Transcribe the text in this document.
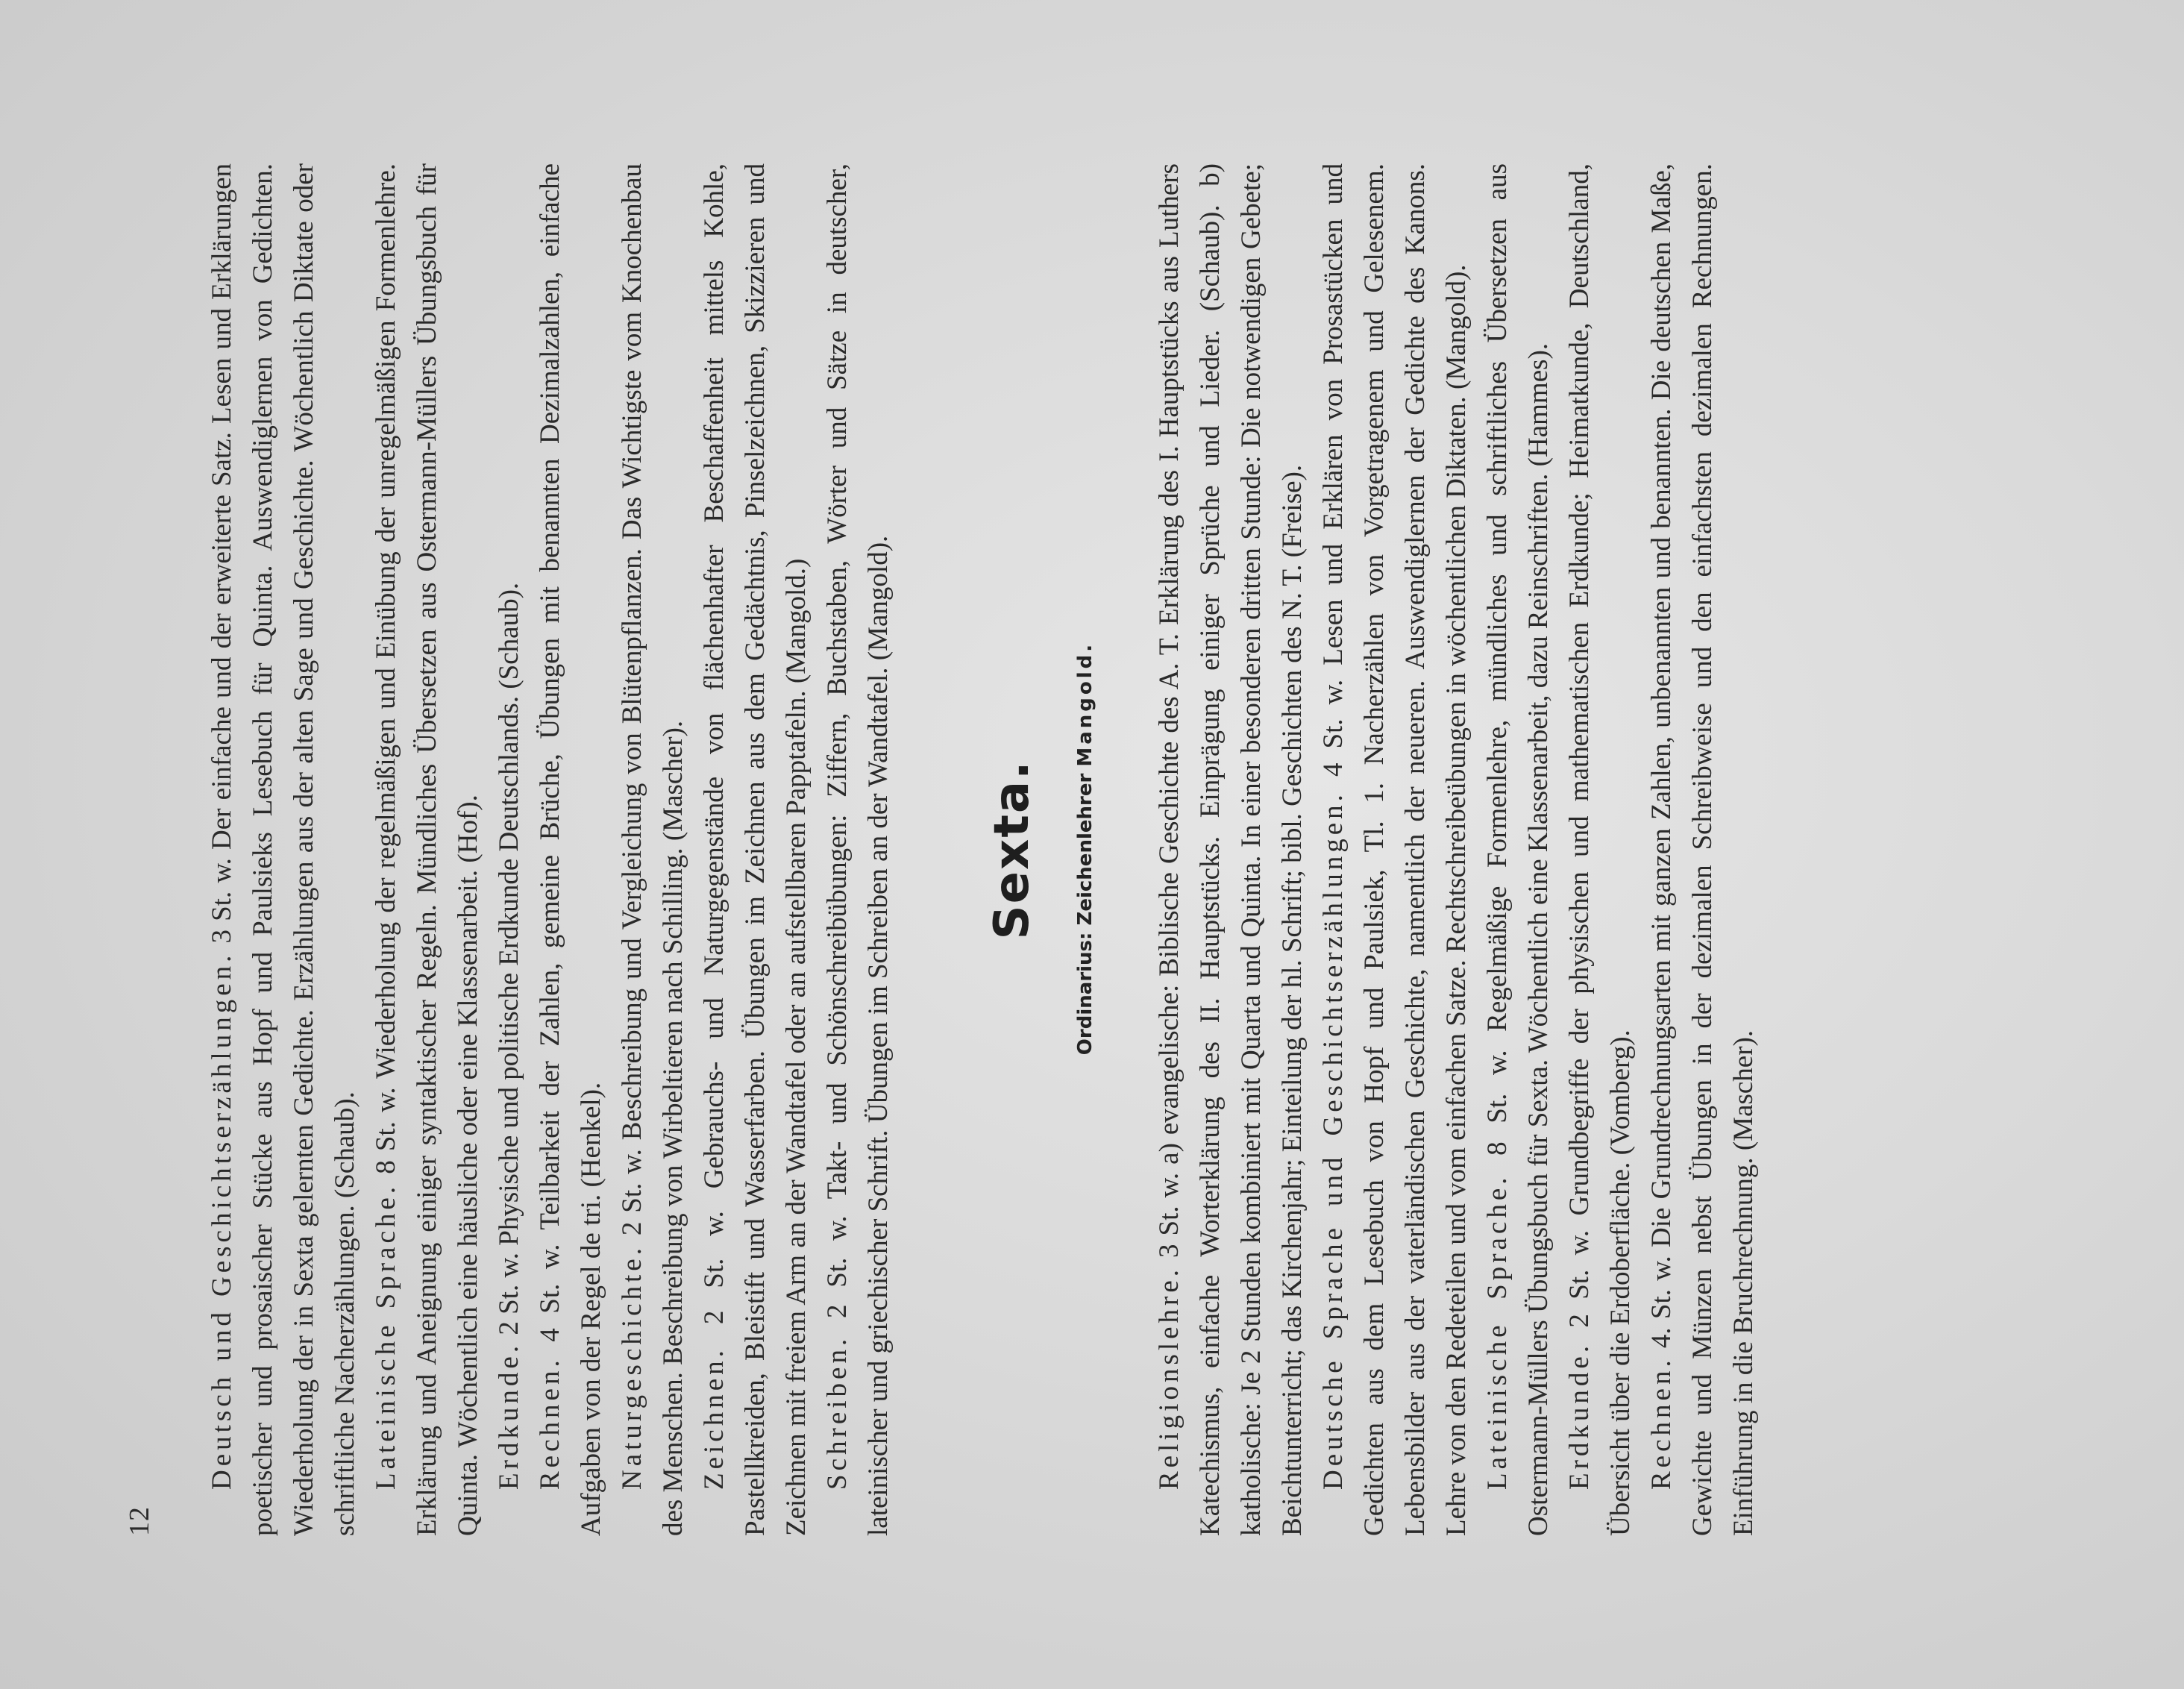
12

Deutsch und Geschichtserzählungen. 3 St. w. Der einfache und der erweiterte Satz. Lesen und Erklärungen poetischer und prosaischer Stücke aus Hopf und Paulsieks Lesebuch für Quinta. Auswendiglernen von Gedichten. Wiederholung der in Sexta gelernten Gedichte. Erzählungen aus der alten Sage und Geschichte. Wöchentlich Diktate oder schriftliche Nacherzählungen. (Schaub). Lateinische Sprache. 8 St. w. Wiederholung der regelmäßigen und Einübung der unregelmäßigen Formenlehre. Erklärung und Aneignung einiger syntaktischer Regeln. Mündliches Übersetzen aus Ostermann-Müllers Übungsbuch für Quinta. Wöchentlich eine häusliche oder eine Klassenarbeit. (Hof). Erdkunde. 2 St. w. Physische und politische Erdkunde Deutschlands. (Schaub).

Rechnen. 4 St. w. Teilbarkeit der Zahlen, gemeine Brüche, Übungen mit benannten Dezimalzahlen, einfache Aufgaben von der Regel de tri. (Henkel). Naturgeschichte. 2 St. w. Beschreibung und Vergleichung von Blütenpflanzen. Das Wichtigste vom Knochenbau des Menschen. Beschreibung von Wirbeltieren nach Schilling. (Mascher). Zeichnen. 2 St. w. Gebrauchs- und Naturgegenstände von flächenhafter Beschaffenheit mittels Kohle, Pastellkreiden, Bleistift und Wasserfarben. Übungen im Zeichnen aus dem Gedächtnis, Pinselzeichnen, Skizzieren und Zeichnen mit freiem Arm an der Wandtafel oder an aufstellbaren Papptafeln. (Mangold.) Schreiben. 2 St. w. Takt- und Schönschreibübungen: Ziffern, Buchstaben, Wörter und Sätze in deutscher, lateinischer und griechischer Schrift. Übungen im Schreiben an der Wandtafel. (Mangold). Sexta. Ordinarius: Zeichenlehrer Mangold.

Religionslehre. 3 St. w. a) evangelische: Biblische Geschichte des A. T. Erklärung des I. Hauptstücks aus Luthers Katechismus, einfache Worterklärung des II. Hauptstücks. Einprägung einiger Sprüche und Lieder. (Schaub). b) katholische: Je 2 Stunden kombiniert mit Quarta und Quinta. In einer besonderen dritten Stunde: Die notwendigen Gebete; Beichtunterricht; das Kirchenjahr; Einteilung der hl. Schrift; bibl. Geschichten des N. T. (Freise). Deutsche Sprache und Geschichtserzählungen. 4 St. w. Lesen und Erklären von Prosastücken und Gedichten aus dem Lesebuch von Hopf und Paulsiek, Tl. 1. Nacherzählen von Vorgetragenem und Gelesenem. Lebensbilder aus der vaterländischen Geschichte, namentlich der neueren. Auswendiglernen der Gedichte des Kanons. Lehre von den Redeteilen und vom einfachen Satze. Rechtschreibeübungen in wöchentlichen Diktaten. (Mangold). Lateinische Sprache. 8 St. w. Regelmäßige Formenlehre, mündliches und schriftliches Übersetzen aus Ostermann-Müllers Übungsbuch für Sexta. Wöchentlich eine Klassenarbeit, dazu Reinschriften. (Hammes). Erdkunde. 2 St. w. Grundbegriffe der physischen und mathematischen Erdkunde; Heimatkunde, Deutschland, Übersicht über die Erdoberfläche. (Vomberg). Rechnen. 4. St. w. Die Grundrechnungsarten mit ganzen Zahlen, unbenannten und benannten. Die deutschen Maße, Gewichte und Münzen nebst Übungen in der dezimalen Schreibweise und den einfachsten dezimalen Rechnungen. Einführung in die Bruchrechnung. (Mascher).
